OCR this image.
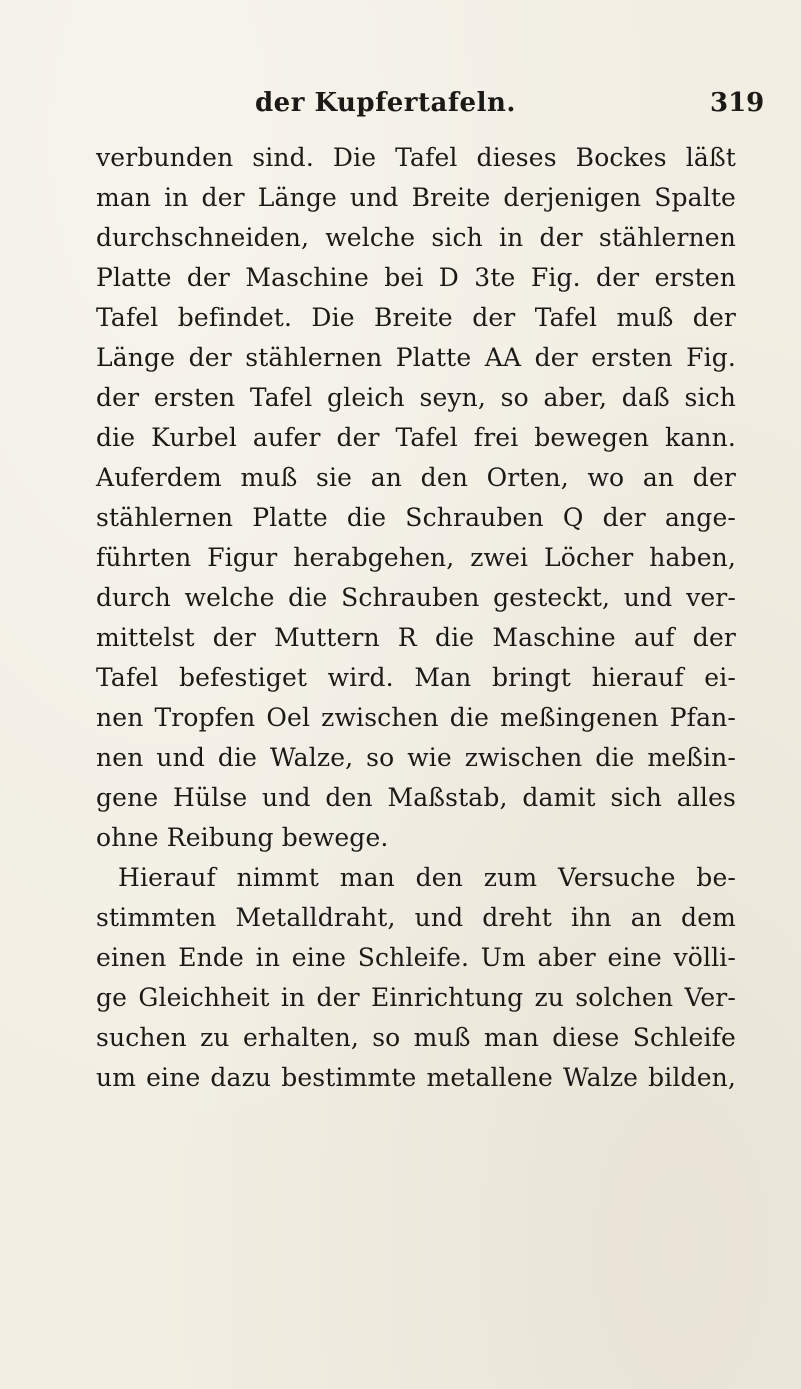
der Kupfertafeln.	319
verbunden sind. Die Tafel dieses Bockes läßt
man in der Länge und Breite derjenigen Spalte
durchschneiden, welche sich in der stählernen
Platte der Maschine bei D 3te Fig. der ersten
Tafel befindet. Die Breite der Tafel muß der
Länge der stählernen Platte AA der ersten Fig.
der ersten Tafel gleich seyn, so aber, daß sich
die Kurbel aufer der Tafel frei bewegen kann.
Auferdem muß sie an den Orten, wo an der
stählernen Platte die Schrauben Q der ange-
führten Figur herabgehen, zwei Löcher haben,
durch welche die Schrauben gesteckt, und ver-
mittelst der Muttern R die Maschine auf der
Tafel befestiget wird. Man bringt hierauf ei-
nen Tropfen Oel zwischen die meßingenen Pfan-
nen und die Walze, so wie zwischen die meßin-
gene Hülse und den Maßstab, damit sich alles
ohne Reibung bewege.
Hierauf nimmt man den zum Versuche be-
stimmten Metalldraht, und dreht ihn an dem
einen Ende in eine Schleife. Um aber eine völli-
ge Gleichheit in der Einrichtung zu solchen Ver-
suchen zu erhalten, so muß man diese Schleife
um eine dazu bestimmte metallene Walze bilden,
